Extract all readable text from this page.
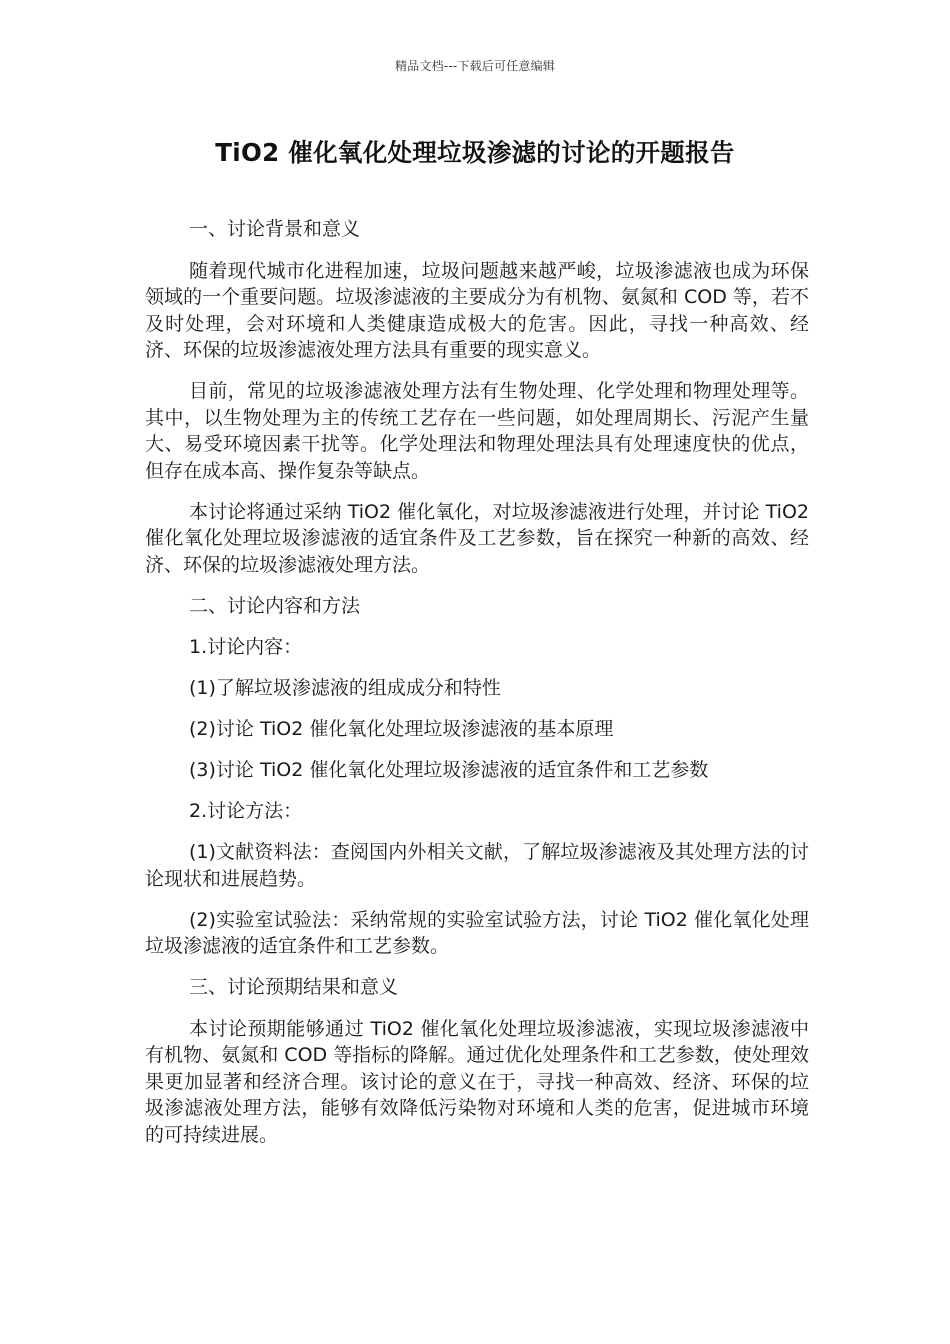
精品文档---下载后可任意编辑
TiO2 催化氧化处理垃圾渗滤的讨论的开题报告

一、讨论背景和意义

随着现代城市化进程加速，垃圾问题越来越严峻，垃圾渗滤液也成为环保领域的一个重要问题。垃圾渗滤液的主要成分为有机物、氨氮和 COD 等，若不及时处理，会对环境和人类健康造成极大的危害。因此，寻找一种高效、经济、环保的垃圾渗滤液处理方法具有重要的现实意义。

目前，常见的垃圾渗滤液处理方法有生物处理、化学处理和物理处理等。其中，以生物处理为主的传统工艺存在一些问题，如处理周期长、污泥产生量大、易受环境因素干扰等。化学处理法和物理处理法具有处理速度快的优点，但存在成本高、操作复杂等缺点。

本讨论将通过采纳 TiO2 催化氧化，对垃圾渗滤液进行处理，并讨论 TiO2 催化氧化处理垃圾渗滤液的适宜条件及工艺参数，旨在探究一种新的高效、经济、环保的垃圾渗滤液处理方法。

二、讨论内容和方法

1.讨论内容：

(1)了解垃圾渗滤液的组成成分和特性

(2)讨论 TiO2 催化氧化处理垃圾渗滤液的基本原理

(3)讨论 TiO2 催化氧化处理垃圾渗滤液的适宜条件和工艺参数

2.讨论方法：

(1)文献资料法：查阅国内外相关文献，了解垃圾渗滤液及其处理方法的讨论现状和进展趋势。

(2)实验室试验法：采纳常规的实验室试验方法，讨论 TiO2 催化氧化处理垃圾渗滤液的适宜条件和工艺参数。

三、讨论预期结果和意义

本讨论预期能够通过 TiO2 催化氧化处理垃圾渗滤液，实现垃圾渗滤液中有机物、氨氮和 COD 等指标的降解。通过优化处理条件和工艺参数，使处理效果更加显著和经济合理。该讨论的意义在于，寻找一种高效、经济、环保的垃圾渗滤液处理方法，能够有效降低污染物对环境和人类的危害，促进城市环境的可持续进展。
